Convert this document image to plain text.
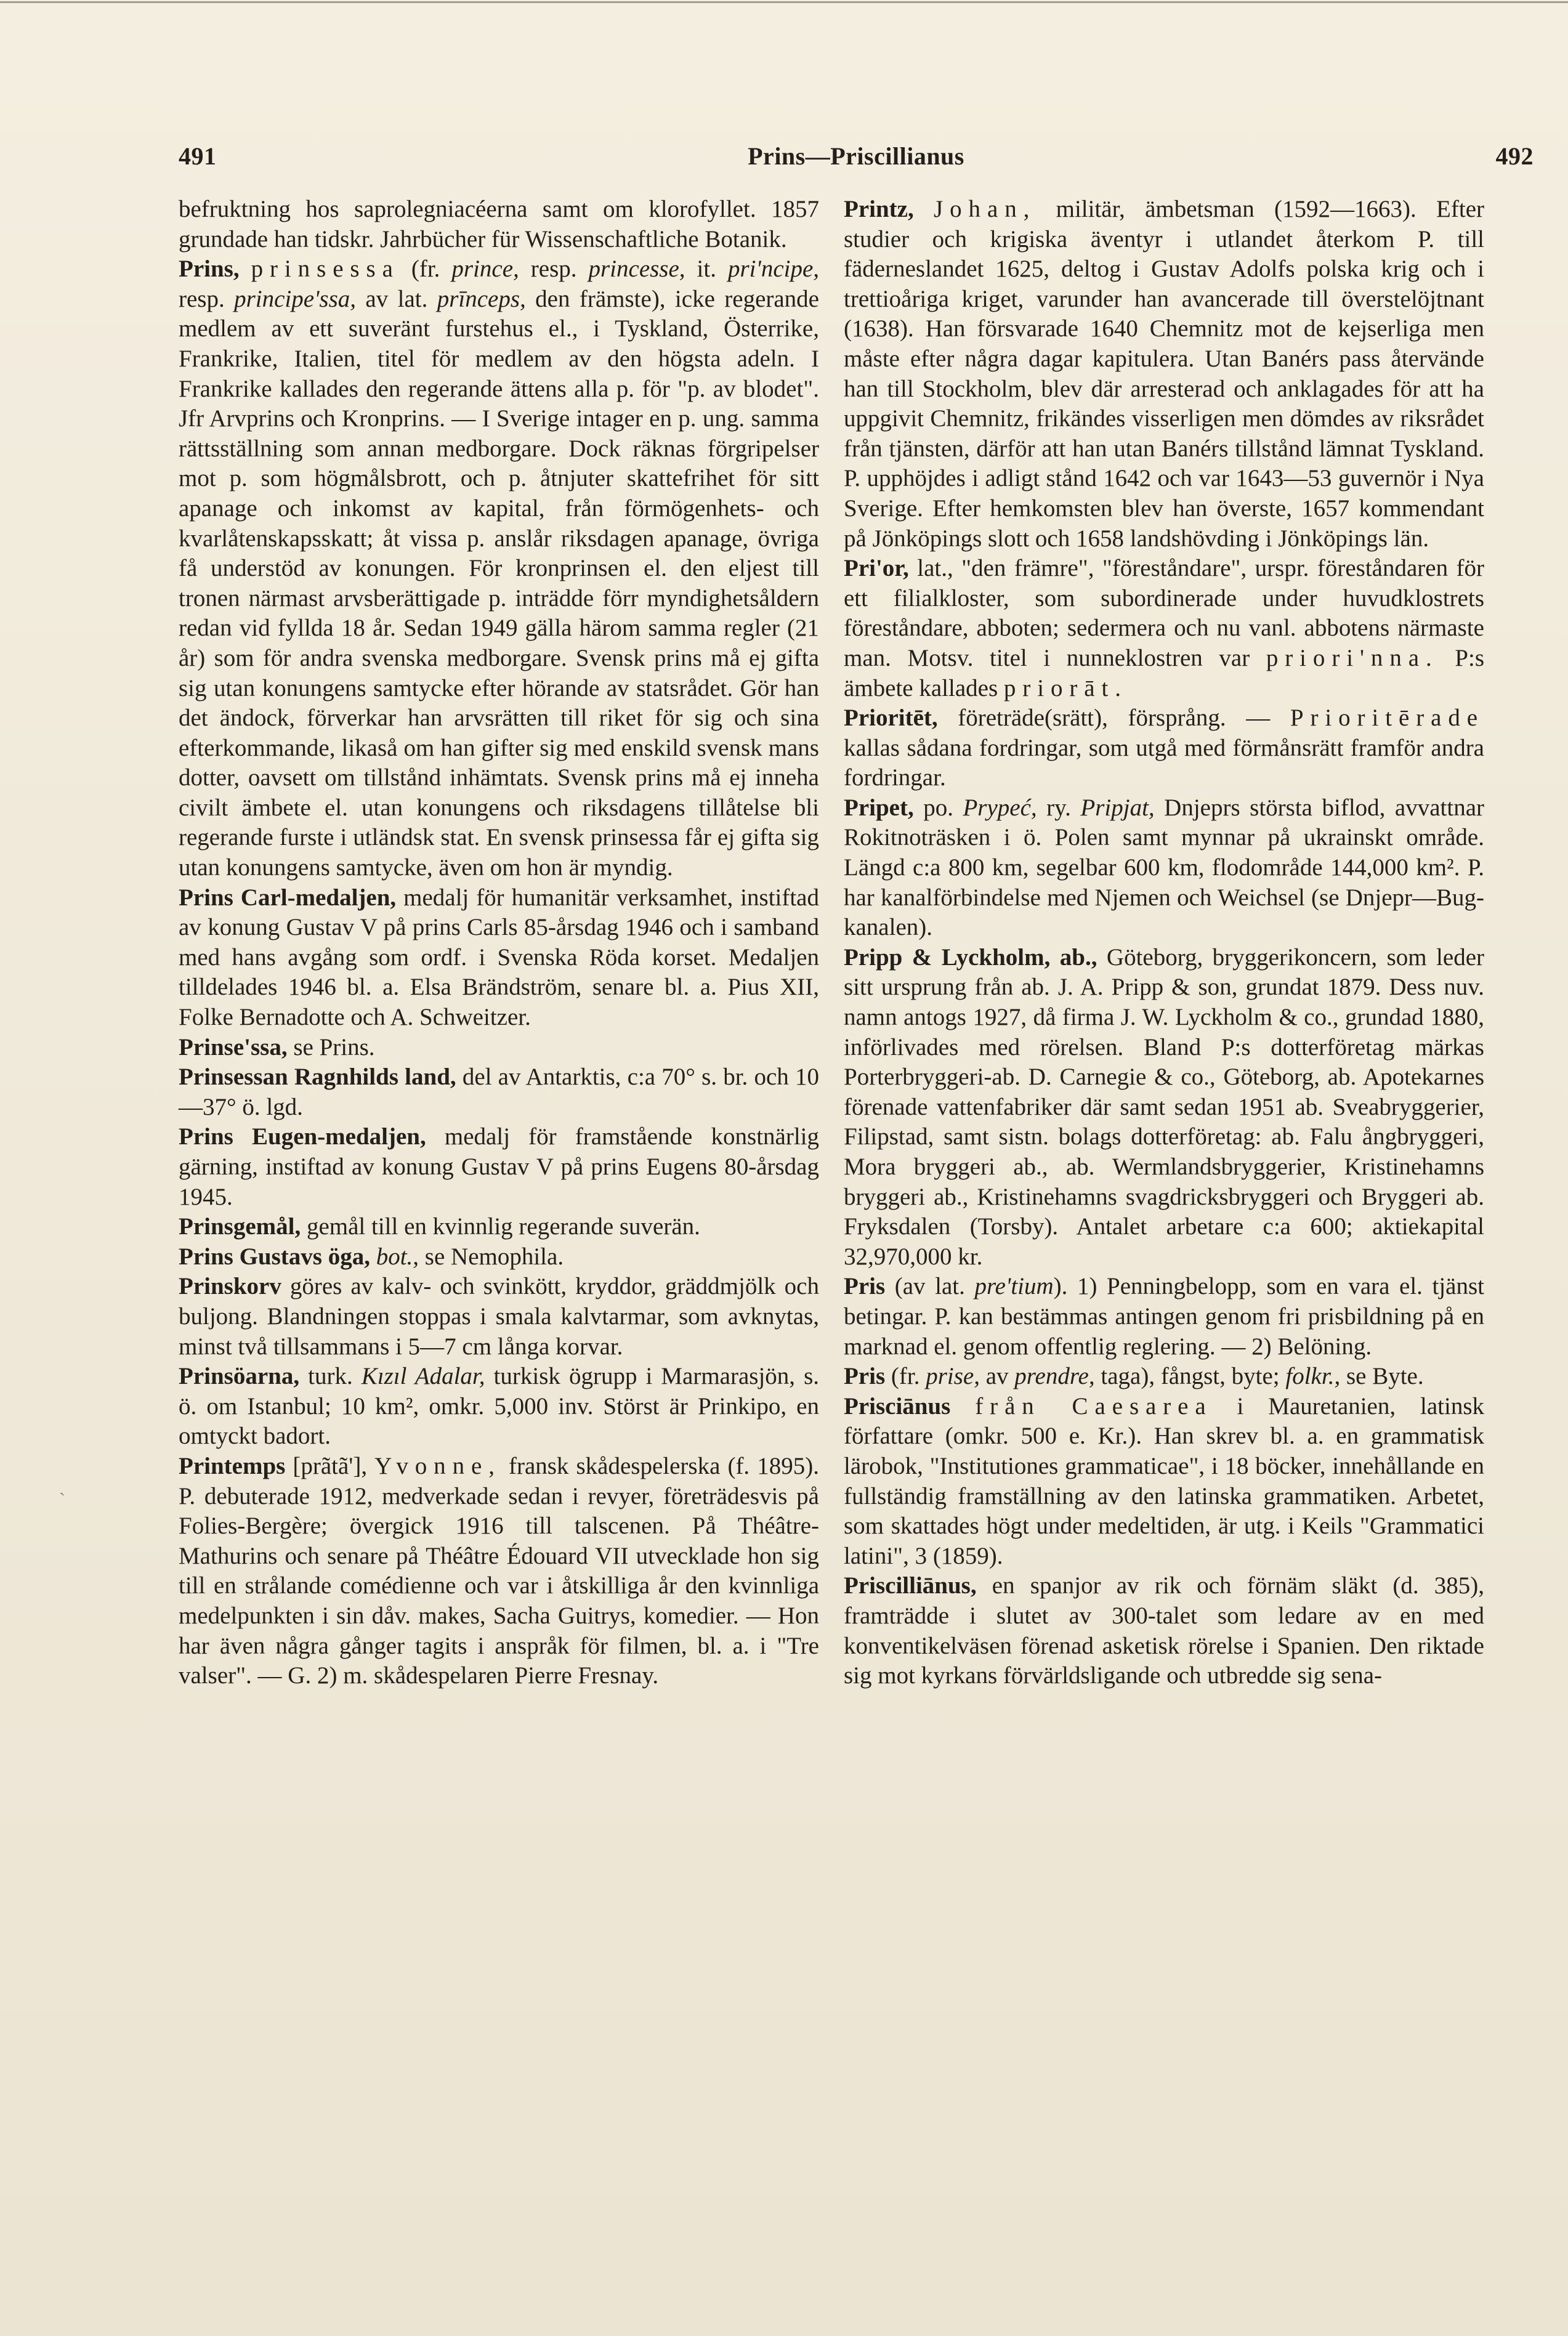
491	Prins—Priscillianus	492

befruktning hos saprolegniacéerna samt om klorofyllet. 1857 grundade han tidskr. Jahrbücher für Wissenschaftliche Botanik.

Prins, prinsessa (fr. prince, resp. princesse, it. pri'ncipe, resp. principe'ssa, av lat. prīnceps, den främste), icke regerande medlem av ett suveränt furstehus el., i Tyskland, Österrike, Frankrike, Italien, titel för medlem av den högsta adeln. I Frankrike kallades den regerande ättens alla p. för "p. av blodet". Jfr Arvprins och Kronprins. — I Sverige intager en p. ung. samma rättsställning som annan medborgare. Dock räknas förgripelser mot p. som högmålsbrott, och p. åtnjuter skattefrihet för sitt apanage och inkomst av kapital, från förmögenhets- och kvarlåtenskapsskatt; åt vissa p. anslår riksdagen apanage, övriga få understöd av konungen. För kronprinsen el. den eljest till tronen närmast arvsberättigade p. inträdde förr myndighetsåldern redan vid fyllda 18 år. Sedan 1949 gälla härom samma regler (21 år) som för andra svenska medborgare. Svensk prins må ej gifta sig utan konungens samtycke efter hörande av statsrådet. Gör han det ändock, förverkar han arvsrätten till riket för sig och sina efterkommande, likaså om han gifter sig med enskild svensk mans dotter, oavsett om tillstånd inhämtats. Svensk prins må ej inneha civilt ämbete el. utan konungens och riksdagens tillåtelse bli regerande furste i utländsk stat. En svensk prinsessa får ej gifta sig utan konungens samtycke, även om hon är myndig.

Prins Carl-medaljen, medalj för humanitär verksamhet, instiftad av konung Gustav V på prins Carls 85-årsdag 1946 och i samband med hans avgång som ordf. i Svenska Röda korset. Medaljen tilldelades 1946 bl. a. Elsa Brändström, senare bl. a. Pius XII, Folke Bernadotte och A. Schweitzer.

Prinse'ssa, se Prins.

Prinsessan Ragnhilds land, del av Antarktis, c:a 70° s. br. och 10—37° ö. lgd.

Prins Eugen-medaljen, medalj för framstående konstnärlig gärning, instiftad av konung Gustav V på prins Eugens 80-årsdag 1945.

Prinsgemål, gemål till en kvinnlig regerande suverän.

Prins Gustavs öga, bot., se Nemophila.

Prinskorv göres av kalv- och svinkött, kryddor, gräddmjölk och buljong. Blandningen stoppas i smala kalvtarmar, som avknytas, minst två tillsammans i 5—7 cm långa korvar.

Prinsöarna, turk. Kızıl Adalar, turkisk ögrupp i Marmarasjön, s. ö. om Istanbul; 10 km², omkr. 5,000 inv. Störst är Prinkipo, en omtyckt badort.

Printemps [prãtã'], Yvonne, fransk skådespelerska (f. 1895). P. debuterade 1912, medverkade sedan i revyer, företrädesvis på Folies-Bergère; övergick 1916 till talscenen. På Théâtre-Mathurins och senare på Théâtre Édouard VII utvecklade hon sig till en strålande comédienne och var i åtskilliga år den kvinnliga medelpunkten i sin dåv. makes, Sacha Guitrys, komedier. — Hon har även några gånger tagits i anspråk för filmen, bl. a. i "Tre valser". — G. 2) m. skådespelaren Pierre Fresnay.

Printz, Johan, militär, ämbetsman (1592—1663). Efter studier och krigiska äventyr i utlandet återkom P. till fäderneslandet 1625, deltog i Gustav Adolfs polska krig och i trettioåriga kriget, varunder han avancerade till överstelöjtnant (1638). Han försvarade 1640 Chemnitz mot de kejserliga men måste efter några dagar kapitulera. Utan Banérs pass återvände han till Stockholm, blev där arresterad och anklagades för att ha uppgivit Chemnitz, frikändes visserligen men dömdes av riksrådet från tjänsten, därför att han utan Banérs tillstånd lämnat Tyskland. P. upphöjdes i adligt stånd 1642 och var 1643—53 guvernör i Nya Sverige. Efter hemkomsten blev han överste, 1657 kommendant på Jönköpings slott och 1658 landshövding i Jönköpings län.

Pri'or, lat., "den främre", "föreståndare", urspr. föreståndaren för ett filialkloster, som subordinerade under huvudklostrets föreståndare, abboten; sedermera och nu vanl. abbotens närmaste man. Motsv. titel i nunneklostren var priori'nna. P:s ämbete kallades priorāt.

Prioritēt, företräde(srätt), försprång. — Prioritērade kallas sådana fordringar, som utgå med förmånsrätt framför andra fordringar.

Pripet, po. Prypeć, ry. Pripjat, Dnjeprs största biflod, avvattnar Rokitnoträsken i ö. Polen samt mynnar på ukrainskt område. Längd c:a 800 km, segelbar 600 km, flodområde 144,000 km². P. har kanalförbindelse med Njemen och Weichsel (se Dnjepr—Bug-kanalen).

Pripp & Lyckholm, ab., Göteborg, bryggerikoncern, som leder sitt ursprung från ab. J. A. Pripp & son, grundat 1879. Dess nuv. namn antogs 1927, då firma J. W. Lyckholm & co., grundad 1880, införlivades med rörelsen. Bland P:s dotterföretag märkas Porterbryggeri-ab. D. Carnegie & co., Göteborg, ab. Apotekarnes förenade vattenfabriker där samt sedan 1951 ab. Sveabryggerier, Filipstad, samt sistn. bolags dotterföretag: ab. Falu ångbryggeri, Mora bryggeri ab., ab. Wermlandsbryggerier, Kristinehamns bryggeri ab., Kristinehamns svagdricksbryggeri och Bryggeri ab. Fryksdalen (Torsby). Antalet arbetare c:a 600; aktiekapital 32,970,000 kr.

Pris (av lat. pre'tium). 1) Penningbelopp, som en vara el. tjänst betingar. P. kan bestämmas antingen genom fri prisbildning på en marknad el. genom offentlig reglering. — 2) Belöning.

Pris (fr. prise, av prendre, taga), fångst, byte; folkr., se Byte.

Prisciānus från Caesarea i Mauretanien, latinsk författare (omkr. 500 e. Kr.). Han skrev bl. a. en grammatisk lärobok, "Institutiones grammaticae", i 18 böcker, innehållande en fullständig framställning av den latinska grammatiken. Arbetet, som skattades högt under medeltiden, är utg. i Keils "Grammatici latini", 3 (1859).

Priscilliānus, en spanjor av rik och förnäm släkt (d. 385), framträdde i slutet av 300-talet som ledare av en med konventikelväsen förenad asketisk rörelse i Spanien. Den riktade sig mot kyrkans förvärldsligande och utbredde sig sena-

ˎ
